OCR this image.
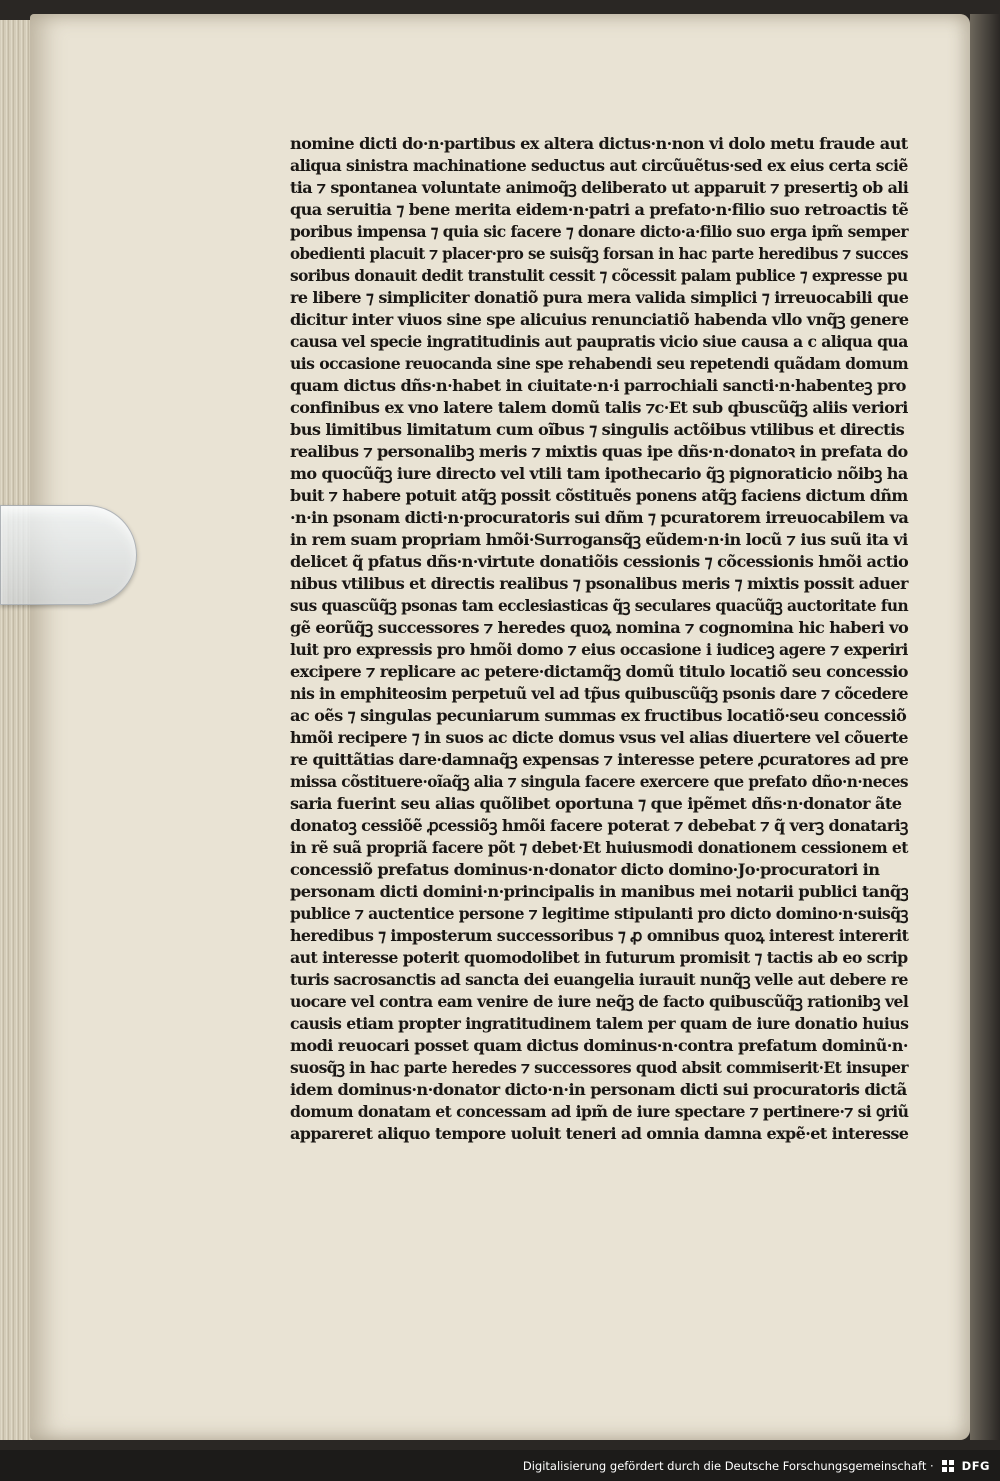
nomine dicti do·n·partibus ex altera dictus·n·non vi dolo metu fraude aut
aliqua sinistra machinatione seductus aut circũuẽtus·sed ex eius certa sciẽ
tia ⁊ spontanea voluntate animoq̃ꝫ deliberato ut apparuit ⁊ presertiꝫ ob ali
qua seruitia ⁊ bene merita eidem·n·patri a prefato·n·filio suo retroactis tẽ
poribus impensa ⁊ quia sic facere ⁊ donare dicto·a·filio suo erga ipm̃ semper
obedienti placuit ⁊ placer·pro se suisq̃ꝫ forsan in hac parte heredibus ⁊ succes
soribus donauit dedit transtulit cessit ⁊ cõcessit palam publice ⁊ expresse pu
re libere ⁊ simpliciter donatiõ pura mera valida simplici ⁊ irreuocabili que
dicitur inter viuos sine spe alicuius renunciatiõ habenda vllo vnq̃ꝫ genere
causa vel specie ingratitudinis aut paupratis vicio siue causa a c aliqua qua
uis occasione reuocanda sine spe rehabendi seu repetendi quãdam domum
quam dictus dñs·n·habet in ciuitate·n·i parrochiali sancti·n·habenteꝫ pro
confinibus ex vno latere talem domũ talis ⁊c·Et sub qbuscũq̃ꝫ aliis veriori
bus limitibus limitatum cum oĩbus ⁊ singulis actõibus vtilibus et directis
realibus ⁊ personalibꝫ meris ⁊ mixtis quas ipe dñs·n·donatoꝛ in prefata do
mo quocũq̃ꝫ iure directo vel vtili tam ipothecario q̃ꝫ pignoraticio nõibꝫ ha
buit ⁊ habere potuit atq̃ꝫ possit cõstituẽs ponens atq̃ꝫ faciens dictum dñm
·n·in psonam dicti·n·procuratoris sui dñm ⁊ pcuratorem irreuocabilem va
in rem suam propriam hmõi·Surrogansq̃ꝫ eũdem·n·in locũ ⁊ ius suũ ita vi
delicet q̃ pfatus dñs·n·virtute donatiõis cessionis ⁊ cõcessionis hmõi actio
nibus vtilibus et directis realibus ⁊ psonalibus meris ⁊ mixtis possit aduer
sus quascũq̃ꝫ psonas tam ecclesiasticas q̃ꝫ seculares quacũq̃ꝫ auctoritate fun
gẽ eorũq̃ꝫ successores ⁊ heredes quoꝝ nomina ⁊ cognomina hic haberi vo
luit pro expressis pro hmõi domo ⁊ eius occasione i iudiceꝫ agere ⁊ experiri
excipere ⁊ replicare ac petere·dictamq̃ꝫ domũ titulo locatiõ seu concessio
nis in emphiteosim perpetuũ vel ad tp̃us quibuscũq̃ꝫ psonis dare ⁊ cõcedere
ac oẽs ⁊ singulas pecuniarum summas ex fructibus locatiõ·seu concessiõ
hmõi recipere ⁊ in suos ac dicte domus vsus vel alias diuertere vel cõuerte
re quittãtias dare·damnaq̃ꝫ expensas ⁊ interesse petere ꝓcuratores ad pre
missa cõstituere·oĩaq̃ꝫ alia ⁊ singula facere exercere que prefato dño·n·neces
saria fuerint seu alias quõlibet oportuna ⁊ que ipẽmet dñs·n·donator ãte
donatoꝫ cessiõẽ ꝓcessiõꝫ hmõi facere poterat ⁊ debebat ⁊ q̃ verꝫ donatariꝫ
in rẽ suã propriã facere põt ⁊ debet·Et huiusmodi donationem cessionem et
concessiõ prefatus dominus·n·donator dicto domino·Jo·procuratori in
personam dicti domini·n·principalis in manibus mei notarii publici tanq̃ꝫ
publice ⁊ auctentice persone ⁊ legitime stipulanti pro dicto domino·n·suisq̃ꝫ
heredibus ⁊ imposterum successoribus ⁊ ꝓ omnibus quoꝝ interest intererit
aut interesse poterit quomodolibet in futurum promisit ⁊ tactis ab eo scrip
turis sacrosanctis ad sancta dei euangelia iurauit nunq̃ꝫ velle aut debere re
uocare vel contra eam venire de iure neq̃ꝫ de facto quibuscũq̃ꝫ rationibꝫ vel
causis etiam propter ingratitudinem talem per quam de iure donatio huius
modi reuocari posset quam dictus dominus·n·contra prefatum dominũ·n·
suosq̃ꝫ in hac parte heredes ⁊ successores quod absit commiserit·Et insuper
idem dominus·n·donator dicto·n·in personam dicti sui procuratoris dictã
domum donatam et concessam ad ipm̃ de iure spectare ⁊ pertinere·⁊ si ꝯriũ
appareret aliquo tempore uoluit teneri ad omnia damna expẽ·et interesse
Digitalisierung gefördert durch die Deutsche Forschungsgemeinschaft · DFG
